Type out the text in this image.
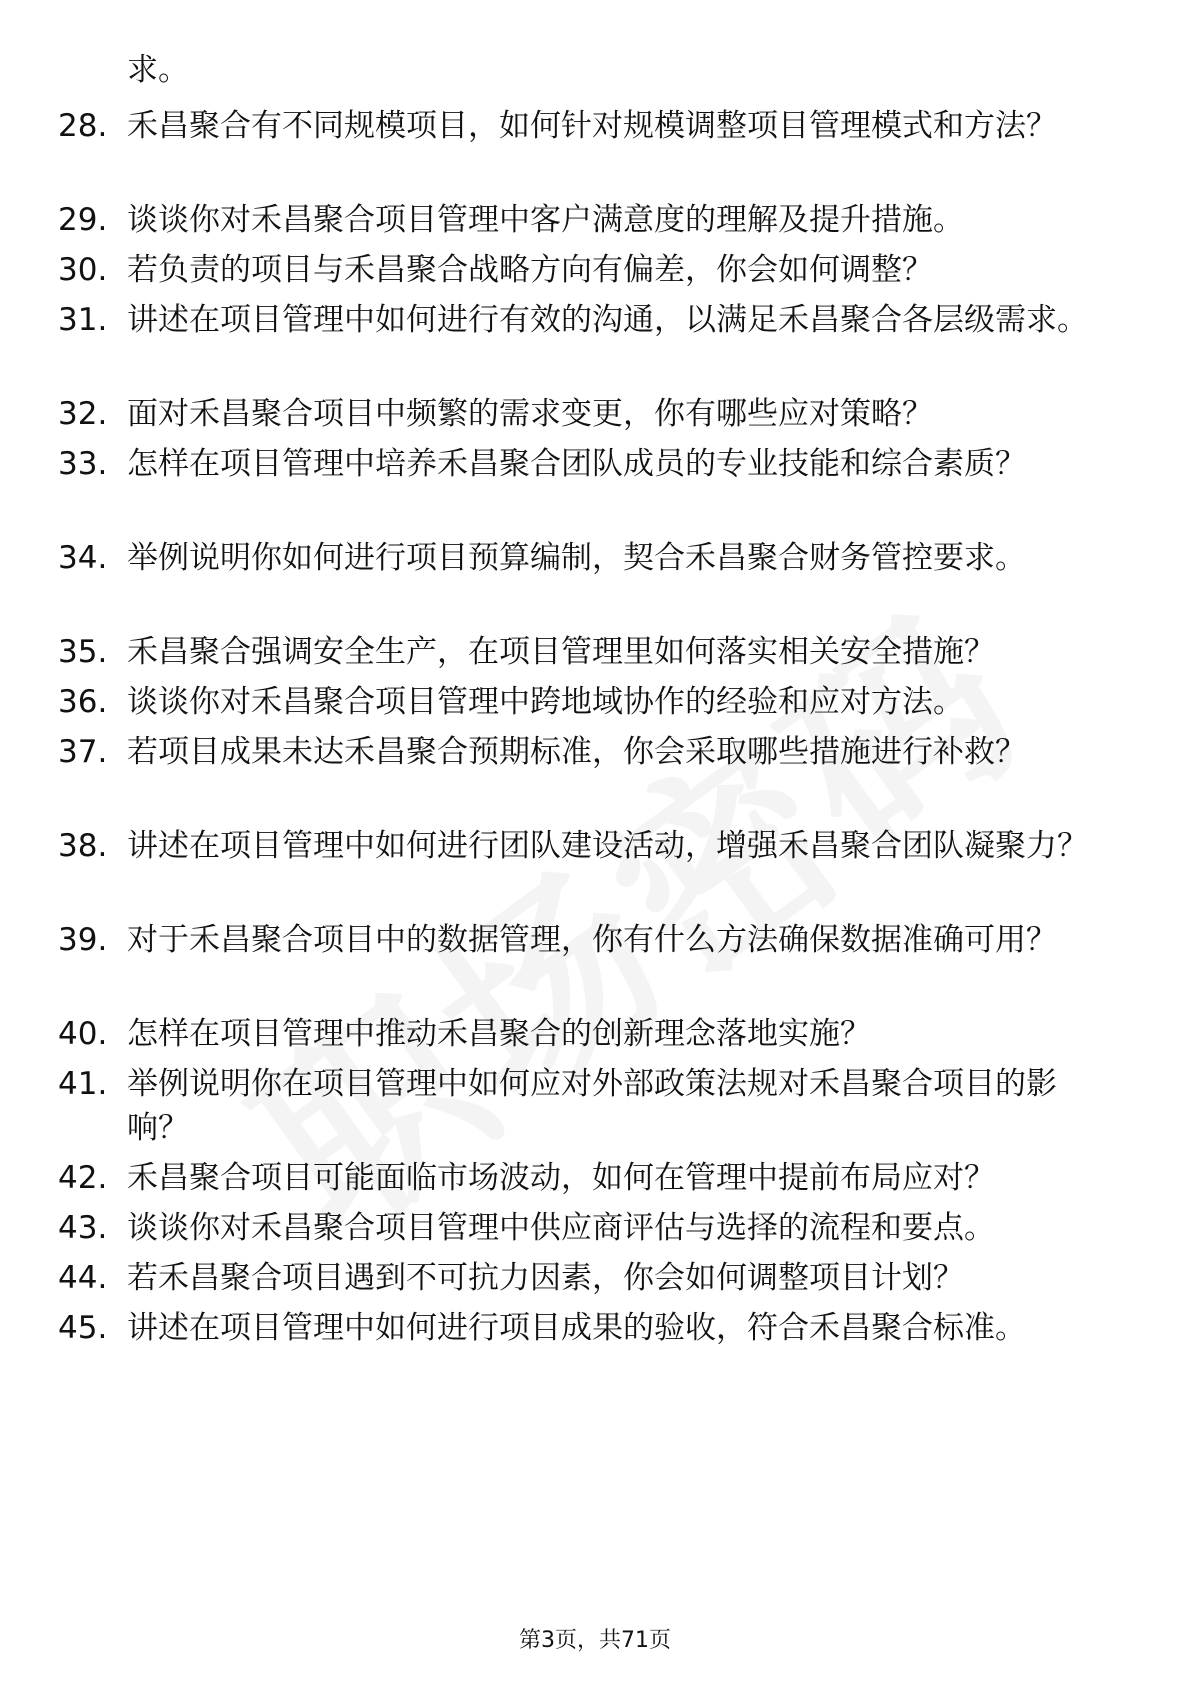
求。
28. 禾昌聚合有不同规模项目，如何针对规模调整项目管理模式和方法？
29. 谈谈你对禾昌聚合项目管理中客户满意度的理解及提升措施。
30. 若负责的项目与禾昌聚合战略方向有偏差，你会如何调整？
31. 讲述在项目管理中如何进行有效的沟通，以满足禾昌聚合各层级需求。
32. 面对禾昌聚合项目中频繁的需求变更，你有哪些应对策略？
33. 怎样在项目管理中培养禾昌聚合团队成员的专业技能和综合素质？
34. 举例说明你如何进行项目预算编制，契合禾昌聚合财务管控要求。
35. 禾昌聚合强调安全生产，在项目管理里如何落实相关安全措施？
36. 谈谈你对禾昌聚合项目管理中跨地域协作的经验和应对方法。
37. 若项目成果未达禾昌聚合预期标准，你会采取哪些措施进行补救？
38. 讲述在项目管理中如何进行团队建设活动，增强禾昌聚合团队凝聚力？
39. 对于禾昌聚合项目中的数据管理，你有什么方法确保数据准确可用？
40. 怎样在项目管理中推动禾昌聚合的创新理念落地实施？
41. 举例说明你在项目管理中如何应对外部政策法规对禾昌聚合项目的影响？
42. 禾昌聚合项目可能面临市场波动，如何在管理中提前布局应对？
43. 谈谈你对禾昌聚合项目管理中供应商评估与选择的流程和要点。
44. 若禾昌聚合项目遇到不可抗力因素，你会如何调整项目计划？
45. 讲述在项目管理中如何进行项目成果的验收，符合禾昌聚合标准。
第3页，共71页
